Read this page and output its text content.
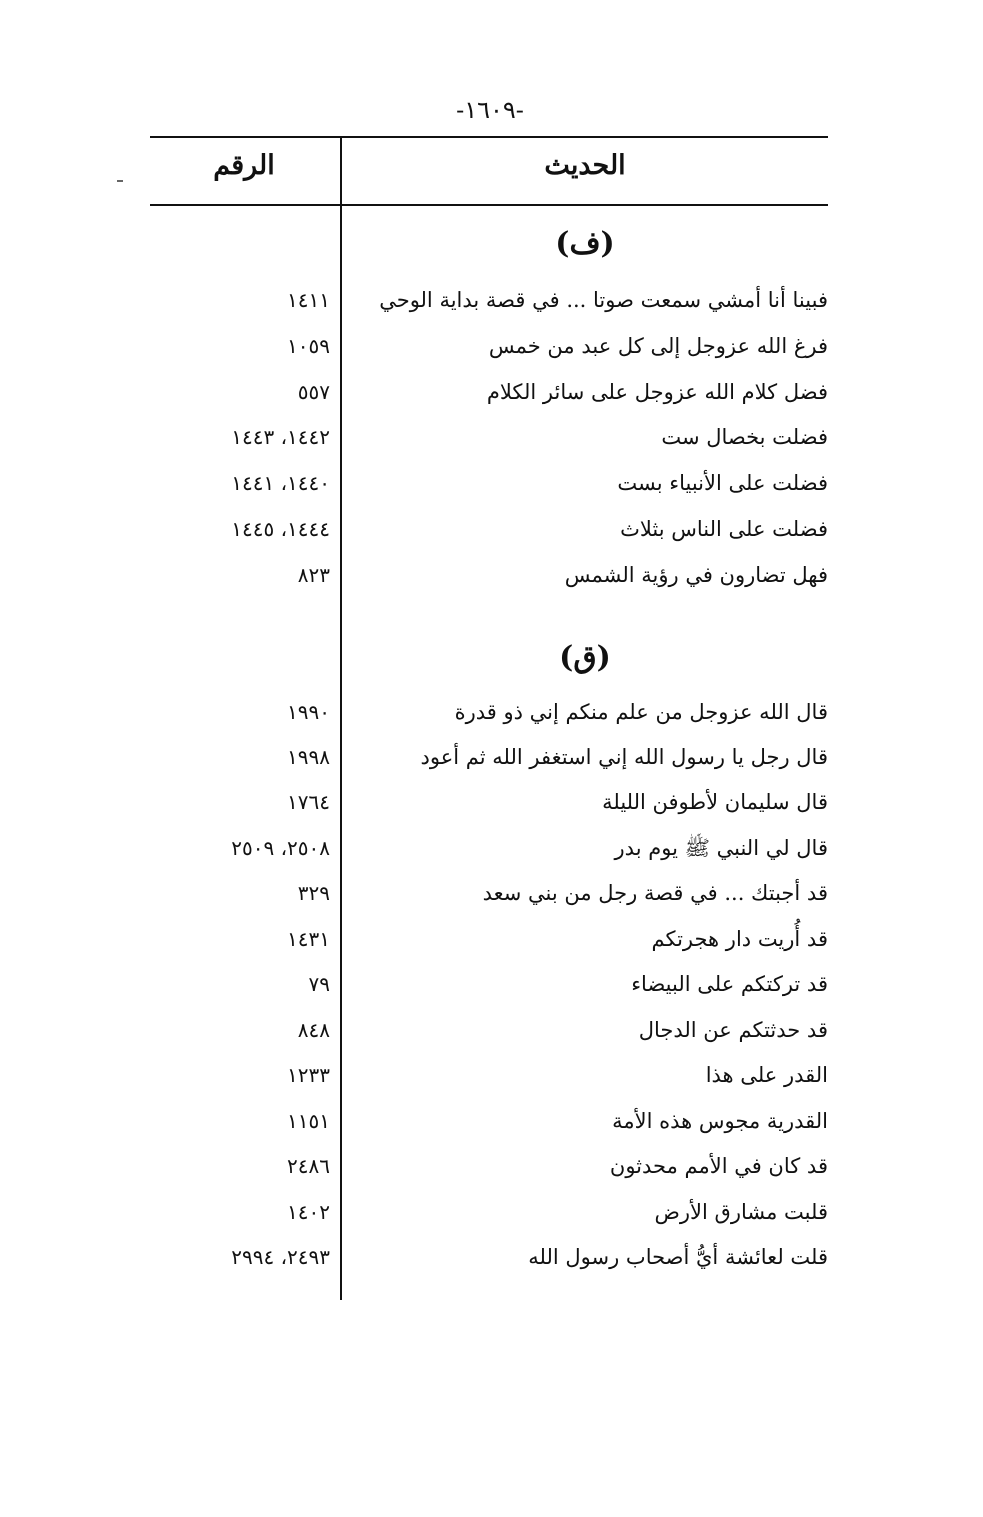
-١٦٠٩-
الحديث
الرقم
(ف)
فبينا أنا أمشي سمعت صوتا ... في قصة بداية الوحي
١٤١١
فرغ الله عزوجل إلى كل عبد من خمس
١٠٥٩
فضل كلام الله عزوجل على سائر الكلام
٥٥٧
فضلت بخصال ست
١٤٤٢، ١٤٤٣
فضلت على الأنبياء بست
١٤٤٠، ١٤٤١
فضلت على الناس بثلاث
١٤٤٤، ١٤٤٥
فهل تضارون في رؤية الشمس
٨٢٣
(ق)
قال الله عزوجل من علم منكم إني ذو قدرة
١٩٩٠
قال رجل يا رسول الله إني استغفر الله ثم أعود
١٩٩٨
قال سليمان لأطوفن الليلة
١٧٦٤
قال لي النبي ﷺ يوم بدر
٢٥٠٨، ٢٥٠٩
قد أجبتك ... في قصة رجل من بني سعد
٣٢٩
قد أُريت دار هجرتكم
١٤٣١
قد تركتكم على البيضاء
٧٩
قد حدثتكم عن الدجال
٨٤٨
القدر على هذا
١٢٣٣
القدرية مجوس هذه الأمة
١١٥١
قد كان في الأمم محدثون
٢٤٨٦
قلبت مشارق الأرض
١٤٠٢
قلت لعائشة أيُّ أصحاب رسول الله
٢٤٩٣، ٢٩٩٤
